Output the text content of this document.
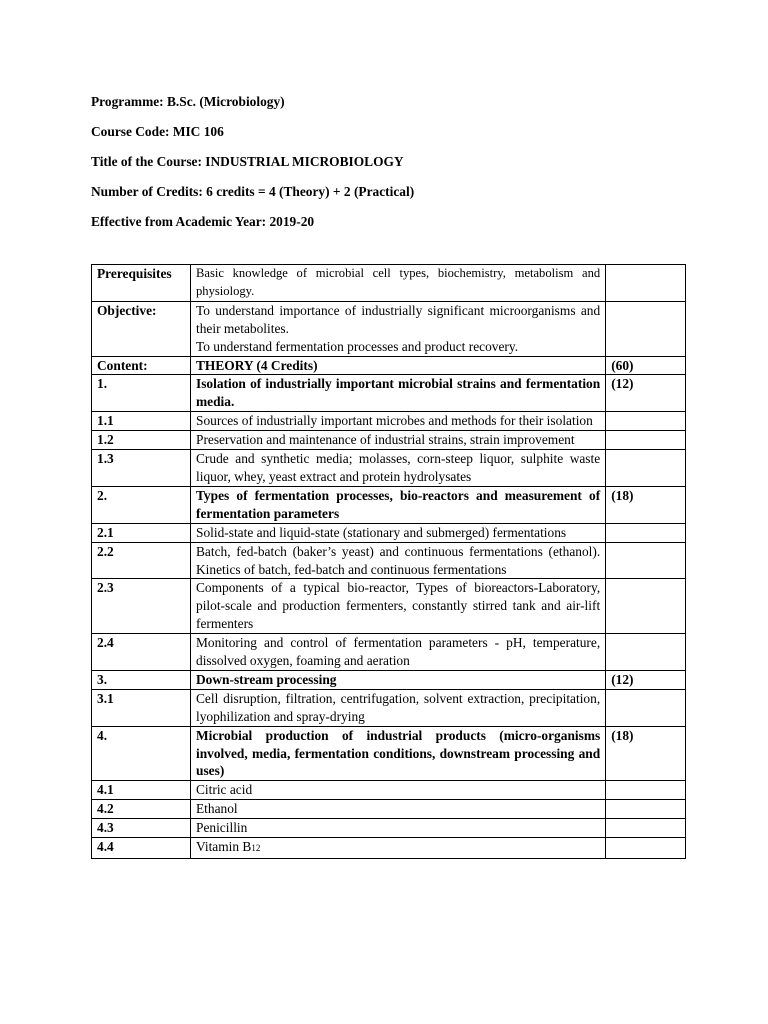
Programme: B.Sc. (Microbiology)
Course Code: MIC 106
Title of the Course: INDUSTRIAL MICROBIOLOGY
Number of Credits: 6 credits = 4 (Theory) + 2 (Practical)
Effective from Academic Year: 2019-20
Prerequisites	Basic knowledge of microbial cell types, biochemistry, metabolism and physiology.	
Objective:	To understand importance of industrially significant microorganisms and their metabolites.
To understand fermentation processes and product recovery.	

Content:	THEORY (4 Credits)	(60)
1.	Isolation of industrially important microbial strains and fermentation media.	(12)
1.1	Sources of industrially important microbes and methods for their isolation	
1.2	Preservation and maintenance of industrial strains, strain improvement	
1.3	Crude and synthetic media; molasses, corn-steep liquor, sulphite waste liquor, whey, yeast extract and protein hydrolysates	
2.	Types of fermentation processes, bio-reactors and measurement of fermentation parameters	(18)
2.1	Solid-state and liquid-state (stationary and submerged) fermentations	
2.2	Batch, fed-batch (baker’s yeast) and continuous fermentations (ethanol). Kinetics of batch, fed-batch and continuous fermentations	
2.3	Components of a typical bio-reactor, Types of bioreactors-Laboratory, pilot-scale and production fermenters, constantly stirred tank and air-lift fermenters	
2.4	Monitoring and control of fermentation parameters - pH, temperature, dissolved oxygen, foaming and aeration	
3.	Down-stream processing	(12)
3.1	Cell disruption, filtration, centrifugation, solvent extraction, precipitation, lyophilization and spray-drying	
4.	Microbial production of industrial products (micro-organisms involved, media, fermentation conditions, downstream processing and uses)	(18)
4.1	Citric acid	
4.2	Ethanol	
4.3	Penicillin	
4.4	Vitamin B12	
